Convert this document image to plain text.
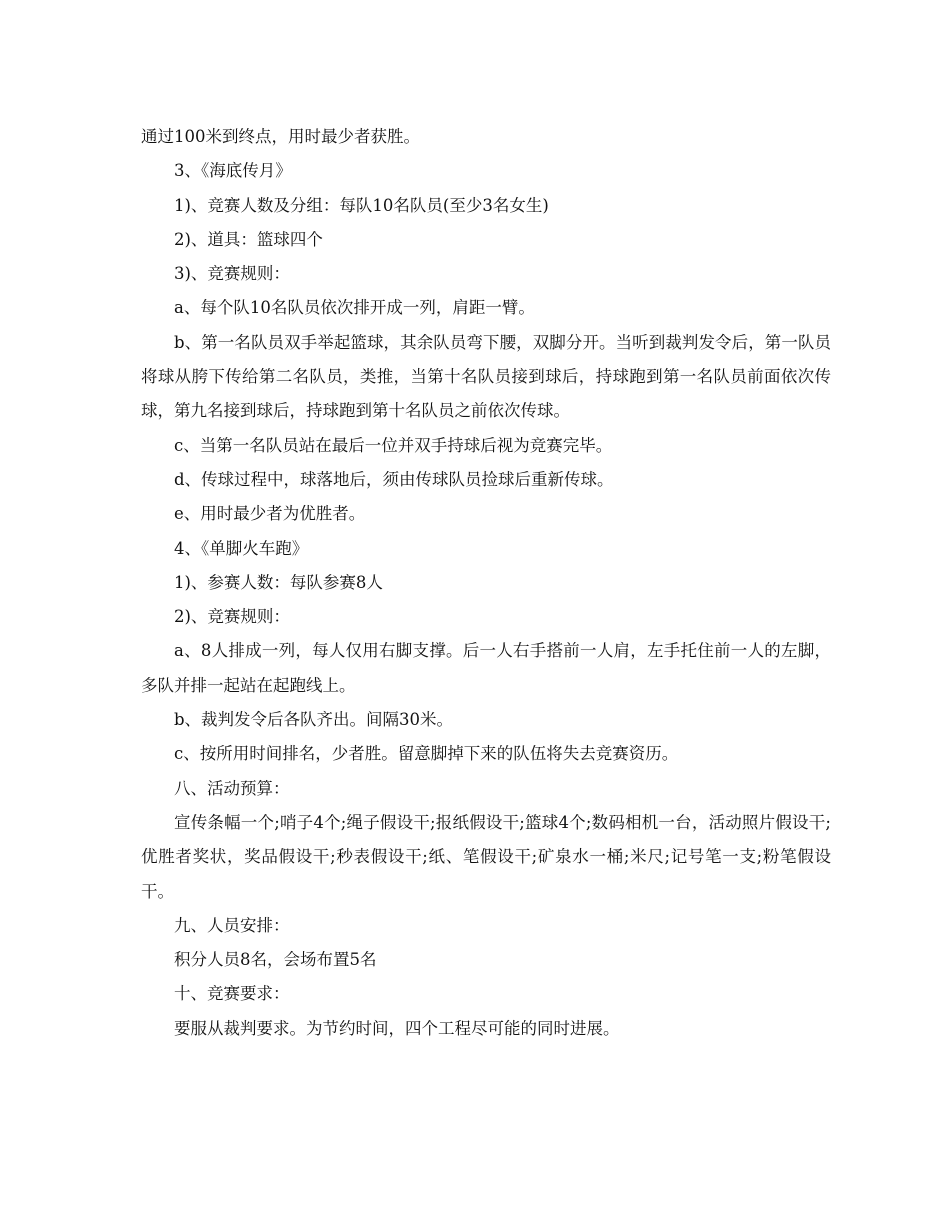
通过100米到终点，用时最少者获胜。

3、《海底传月》

1)、竞赛人数及分组：每队10名队员(至少3名女生)

2)、道具：篮球四个

3)、竞赛规则：

a、每个队10名队员依次排开成一列，肩距一臂。

b、第一名队员双手举起篮球，其余队员弯下腰，双脚分开。当听到裁判发令后，第一队员将球从胯下传给第二名队员，类推，当第十名队员接到球后，持球跑到第一名队员前面依次传球，第九名接到球后，持球跑到第十名队员之前依次传球。

c、当第一名队员站在最后一位并双手持球后视为竞赛完毕。

d、传球过程中，球落地后，须由传球队员捡球后重新传球。

e、用时最少者为优胜者。

4、《单脚火车跑》

1)、参赛人数：每队参赛8人

2)、竞赛规则：

a、8人排成一列，每人仅用右脚支撑。后一人右手搭前一人肩，左手托住前一人的左脚，多队并排一起站在起跑线上。

b、裁判发令后各队齐出。间隔30米。

c、按所用时间排名，少者胜。留意脚掉下来的队伍将失去竞赛资历。

八、活动预算：

宣传条幅一个;哨子4个;绳子假设干;报纸假设干;篮球4个;数码相机一台，活动照片假设干;优胜者奖状，奖品假设干;秒表假设干;纸、笔假设干;矿泉水一桶;米尺;记号笔一支;粉笔假设干。

九、人员安排：

积分人员8名，会场布置5名

十、竞赛要求：

要服从裁判要求。为节约时间，四个工程尽可能的同时进展。
